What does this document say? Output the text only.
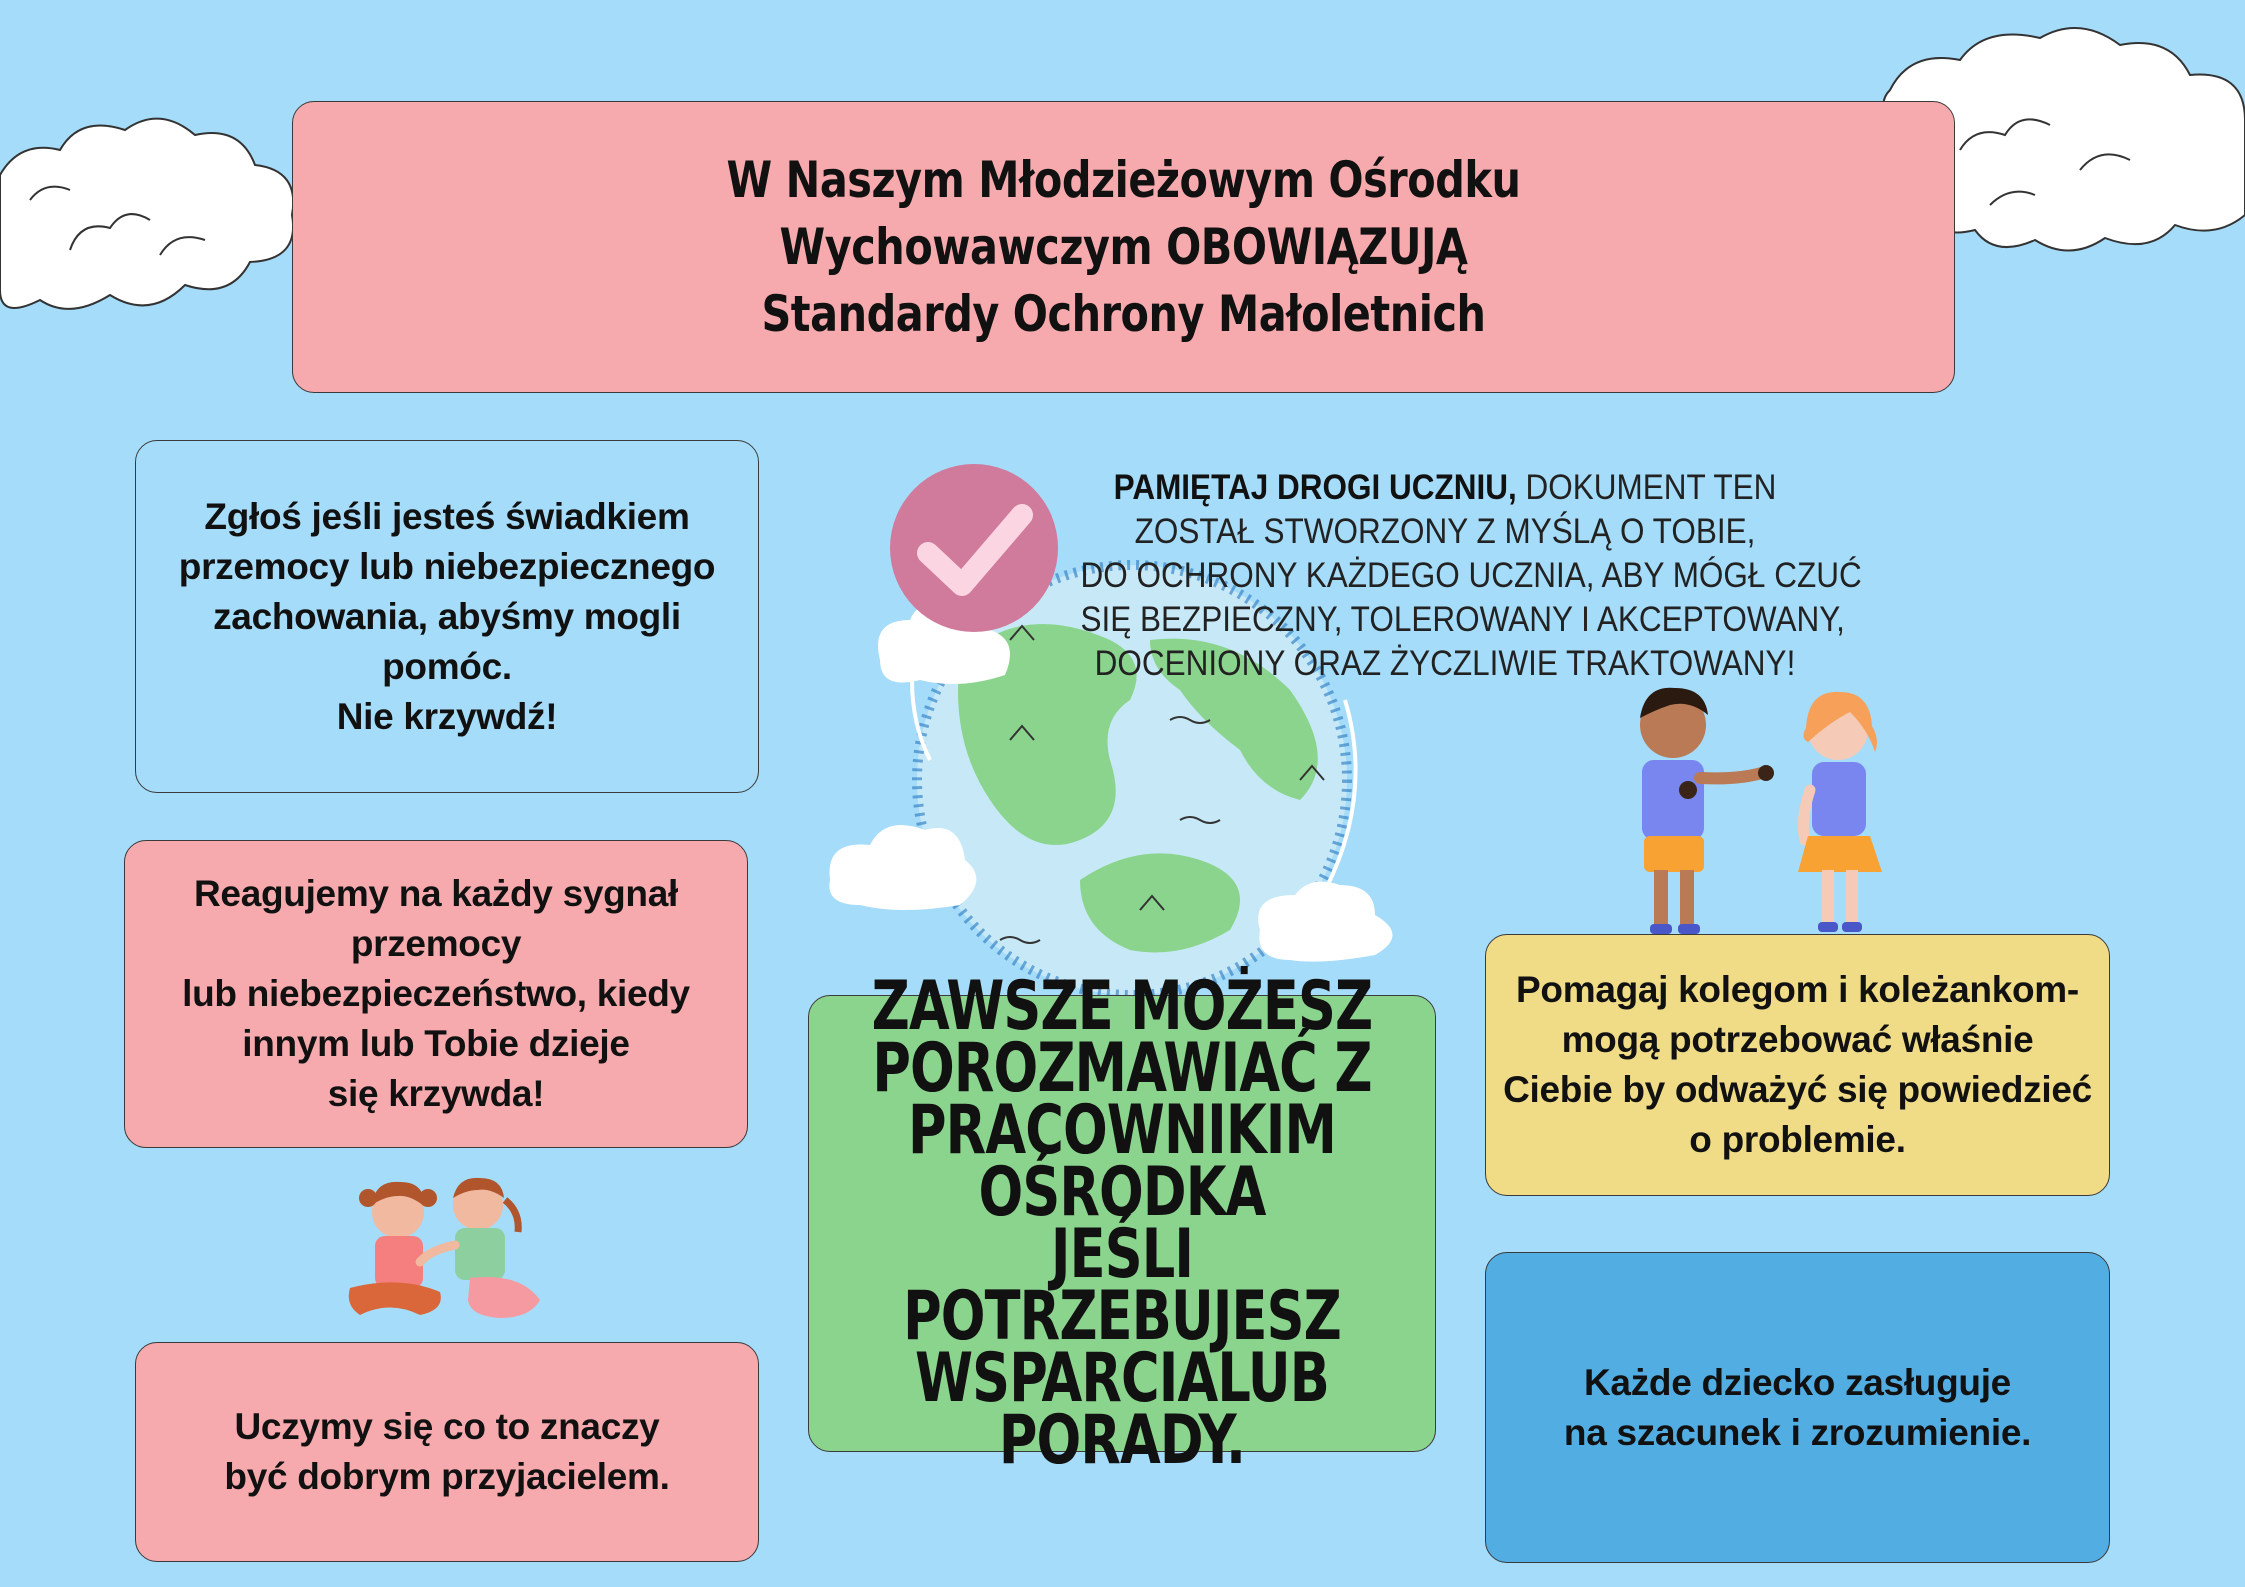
W Naszym Młodzieżowym Ośrodku
Wychowawczym OBOWIĄZUJĄ
Standardy Ochrony Małoletnich

Zgłoś jeśli jesteś świadkiem
przemocy lub niebezpiecznego
zachowania, abyśmy mogli
pomóc.
Nie krzywdź!

Reagujemy na każdy sygnał
przemocy
lub niebezpieczeństwo, kiedy
innym lub Tobie dzieje
się krzywda!

Uczymy się co to znaczy
być dobrym przyjacielem.

Pomagaj kolegom i koleżankom-
mogą potrzebować właśnie
Ciebie by odważyć się powiedzieć
o problemie.

Każde dziecko zasługuje
na szacunek i zrozumienie.

ZAWSZE MOŻESZ
POROZMAWIAĆ Z
PRACOWNIKIM OŚRODKA
JEŚLI POTRZEBUJESZ
WSPARCIALUB PORADY.

PAMIĘTAJ DROGI UCZNIU, DOKUMENT TEN
ZOSTAŁ STWORZONY Z MYŚLĄ O TOBIE,
DO OCHRONY KAŻDEGO UCZNIA, ABY MÓGŁ CZUĆ
SIĘ BEZPIECZNY, TOLEROWANY I AKCEPTOWANY,
DOCENIONY ORAZ ŻYCZLIWIE TRAKTOWANY!
